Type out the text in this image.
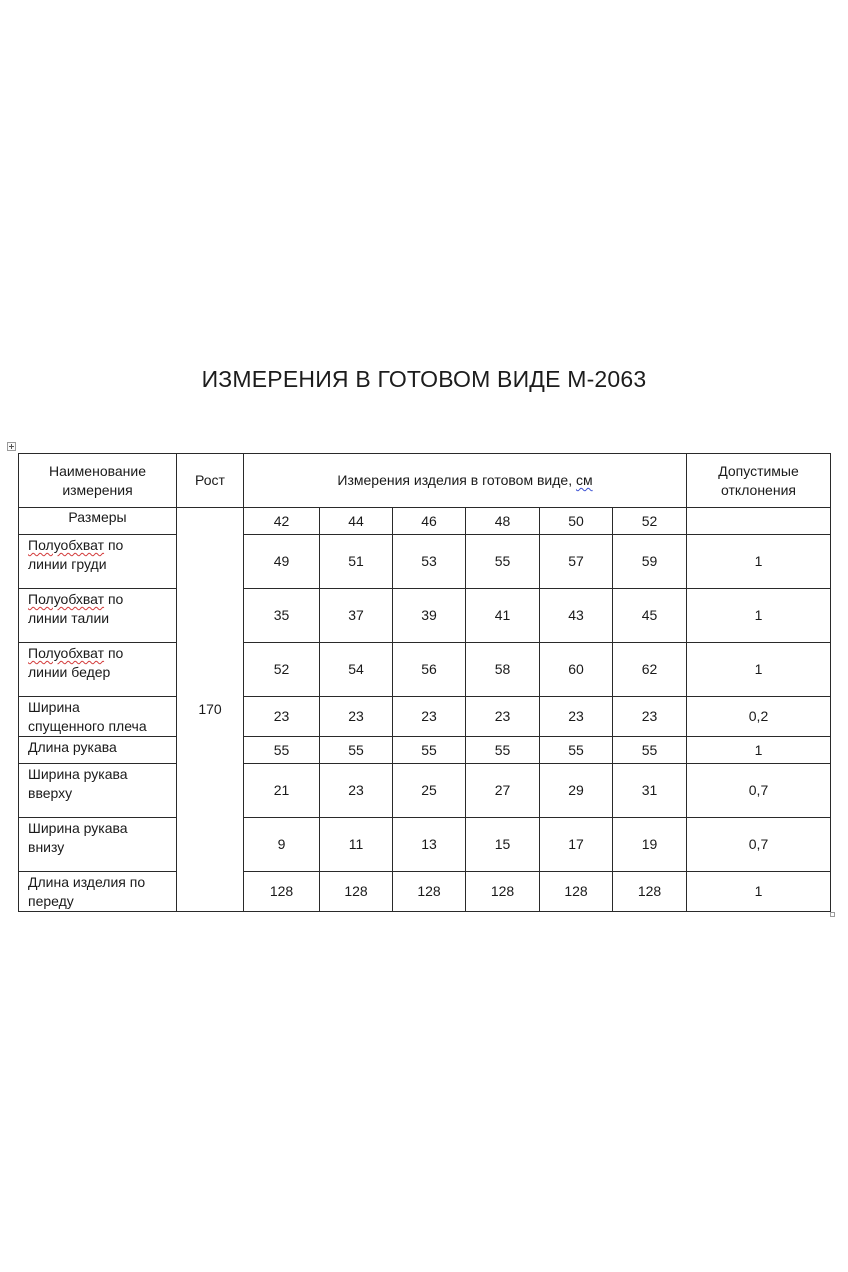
ИЗМЕРЕНИЯ В ГОТОВОМ ВИДЕ М-2063
Наименование
измерения	Рост	Измерения изделия в готовом виде, см						Допустимые
отклонения
Размеры	170	42	44	46	48	50	52	
Полуобхват по
линии груди		49	51	53	55	57	59	1
Полуобхват по
линии талии		35	37	39	41	43	45	1
Полуобхват по
линии бедер		52	54	56	58	60	62	1
Ширина
спущенного плеча		23	23	23	23	23	23	0,2
Длина рукава		55	55	55	55	55	55	1
Ширина рукава
вверху		21	23	25	27	29	31	0,7
Ширина рукава
внизу		9	11	13	15	17	19	0,7
Длина изделия по
переду		128	128	128	128	128	128	1
